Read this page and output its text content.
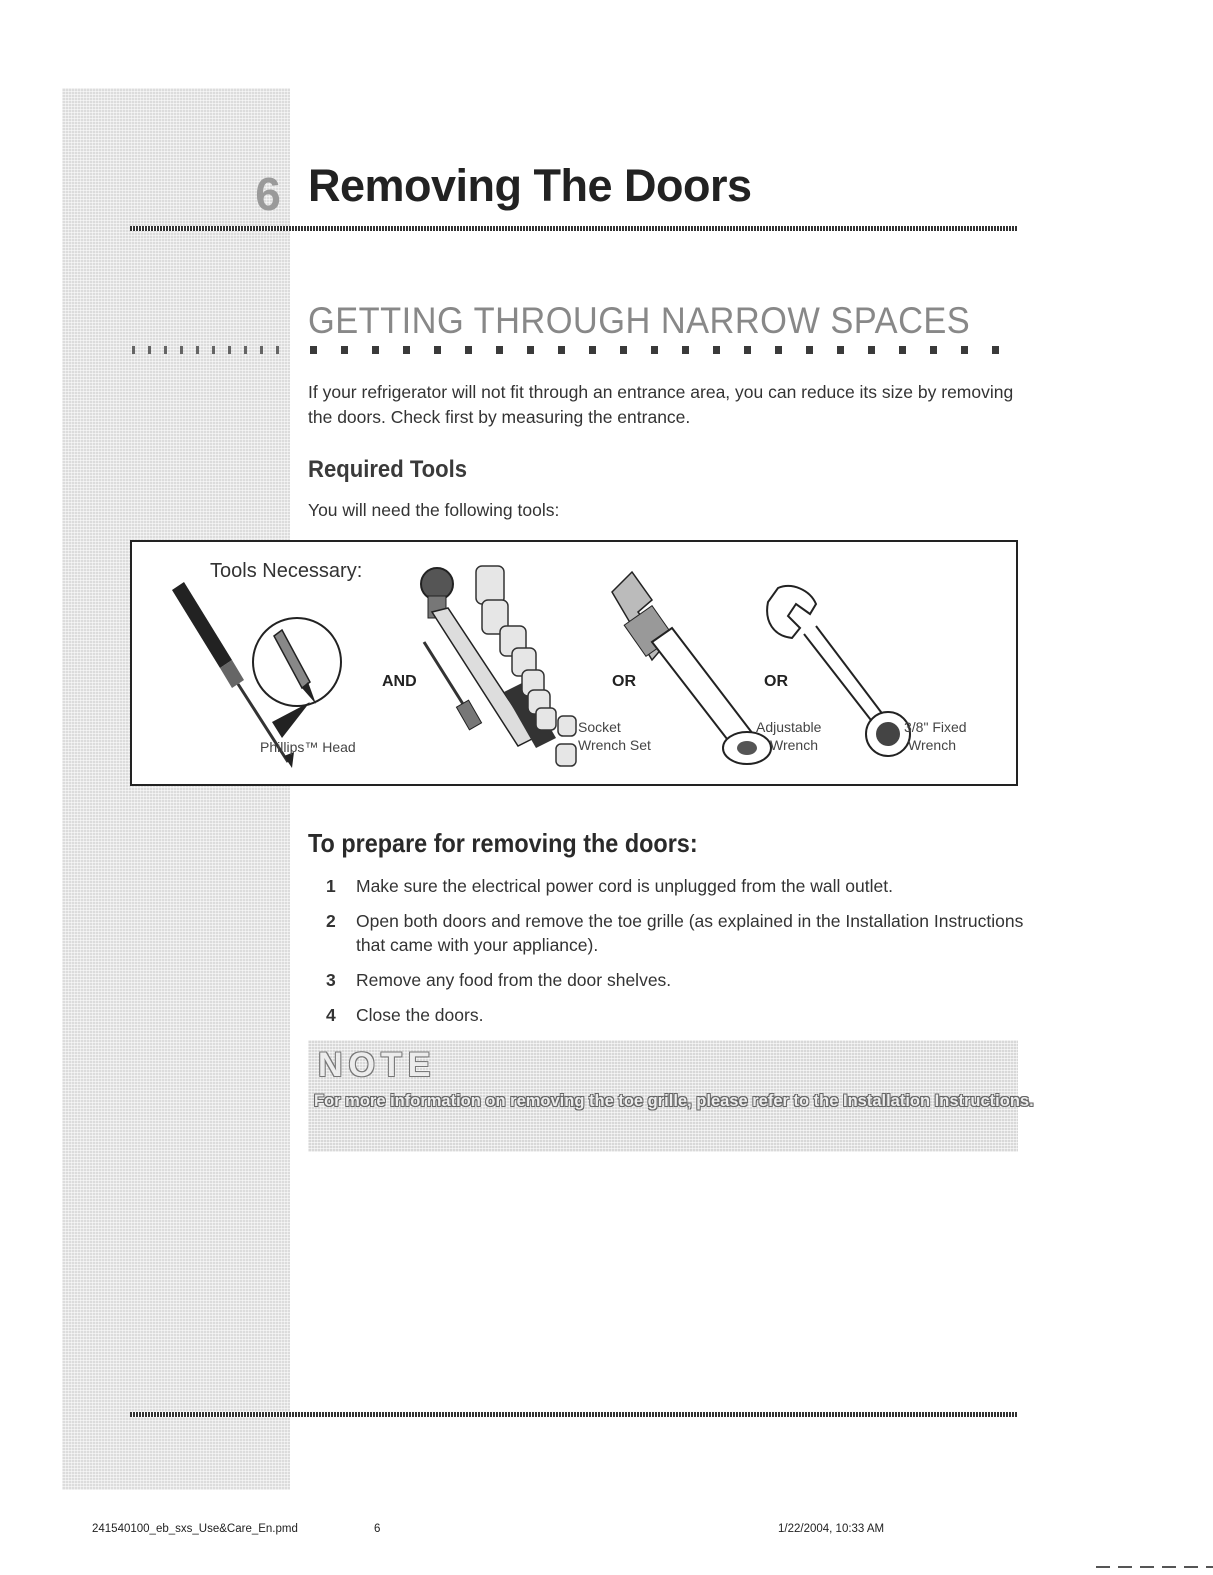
6 Removing The Doors
GETTING THROUGH NARROW SPACES
If your refrigerator will not fit through an entrance area, you can reduce its size by removing the doors. Check first by measuring the entrance.
Required Tools
You will need the following tools:
Tools Necessary:
Socket
Wrench Set
Adjustable
Wrench
3/8" Fixed
Wrench
Phillips™ Head
AND	OR	OR
To prepare for removing the doors:
1 Make sure the electrical power cord is unplugged from the wall outlet.
2 Open both doors and remove the toe grille (as explained in the Installation Instructions that came with your appliance).
3 Remove any food from the door shelves.
4 Close the doors.
NOTE
For more information on removing the toe grille, please refer to the Installation Instructions.
241540100_eb_sxs_Use&Care_En.pmd	6	1/22/2004, 10:33 AM
